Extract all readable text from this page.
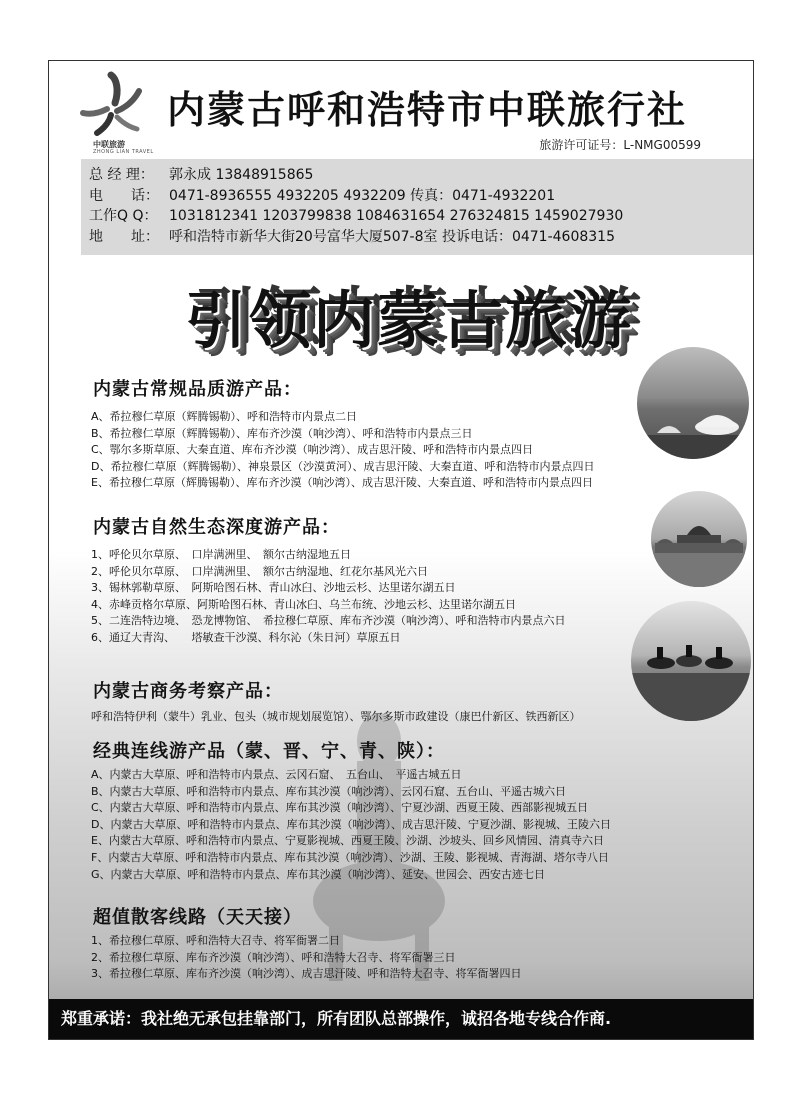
中联旅游
ZHONG LIAN TRAVEL
内蒙古呼和浩特市中联旅行社
旅游许可证号：L-NMG00599
总 经 理： 郭永成 13848915865
电　　话： 0471-8936555 4932205 4932209 传真：0471-4932201
工作Q Q： 1031812341 1203799838 1084631654 276324815 1459027930
地　　址： 呼和浩特市新华大街20号富华大厦507-8室 投诉电话：0471-4608315
引领内蒙古旅游
内蒙古常规品质游产品：
A、希拉穆仁草原（辉腾锡勒）、呼和浩特市内景点二日
B、希拉穆仁草原（辉腾锡勒）、库布齐沙漠（响沙湾）、呼和浩特市内景点三日
C、鄂尔多斯草原、大秦直道、库布齐沙漠（响沙湾）、成吉思汗陵、呼和浩特市内景点四日
D、希拉穆仁草原（辉腾锡勒）、神泉景区（沙漠黄河）、成吉思汗陵、大秦直道、呼和浩特市内景点四日
E、希拉穆仁草原（辉腾锡勒）、库布齐沙漠（响沙湾）、成吉思汗陵、大秦直道、呼和浩特市内景点四日
内蒙古自然生态深度游产品：
1、呼伦贝尔草原、　口岸满洲里、　额尔古纳湿地五日
2、呼伦贝尔草原、　口岸满洲里、　额尔古纳湿地、红花尔基风光六日
3、锡林郭勒草原、　阿斯哈图石林、青山冰臼、沙地云杉、达里诺尔湖五日
4、赤峰贡格尔草原、阿斯哈图石林、青山冰臼、乌兰布统、沙地云杉、达里诺尔湖五日
5、二连浩特边境、　恐龙博物馆、　希拉穆仁草原、库布齐沙漠（响沙湾）、呼和浩特市内景点六日
6、通辽大青沟、　　塔敏查干沙漠、科尔沁（朱日河）草原五日
内蒙古商务考察产品：
呼和浩特伊利（蒙牛）乳业、包头（城市规划展览馆）、鄂尔多斯市政建设（康巴什新区、铁西新区）
经典连线游产品（蒙、晋、宁、青、陕）：
A、内蒙古大草原、呼和浩特市内景点、云冈石窟、　五台山、　平遥古城五日
B、内蒙古大草原、呼和浩特市内景点、库布其沙漠（响沙湾）、云冈石窟、五台山、平遥古城六日
C、内蒙古大草原、呼和浩特市内景点、库布其沙漠（响沙湾）、宁夏沙湖、西夏王陵、西部影视城五日
D、内蒙古大草原、呼和浩特市内景点、库布其沙漠（响沙湾）、成吉思汗陵、宁夏沙湖、影视城、王陵六日
E、内蒙古大草原、呼和浩特市内景点、宁夏影视城、西夏王陵、沙湖、沙坡头、回乡风情园、清真寺六日
F、内蒙古大草原、呼和浩特市内景点、库布其沙漠（响沙湾）、沙湖、王陵、影视城、青海湖、塔尔寺八日
G、内蒙古大草原、呼和浩特市内景点、库布其沙漠（响沙湾）、延安、世园会、西安古迹七日
超值散客线路（天天接）
1、希拉穆仁草原、呼和浩特大召寺、将军衙署二日
2、希拉穆仁草原、库布齐沙漠（响沙湾）、呼和浩特大召寺、将军衙署三日
3、希拉穆仁草原、库布齐沙漠（响沙湾）、成吉思汗陵、呼和浩特大召寺、将军衙署四日
郑重承诺：我社绝无承包挂靠部门，所有团队总部操作，诚招各地专线合作商.
